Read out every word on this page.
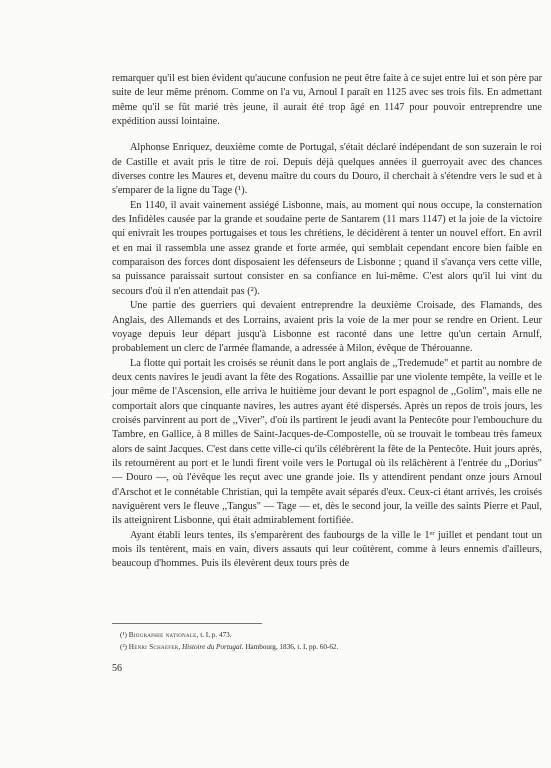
remarquer qu'il est bien évident qu'aucune confusion ne peut être faite à ce sujet entre lui et son père par suite de leur même prénom. Comme on l'a vu, Arnoul I paraît en 1125 avec ses trois fils. En admettant même qu'il se fût marié très jeune, il aurait été trop âgé en 1147 pour pouvoir entreprendre une expédition aussi lointaine.

Alphonse Enriquez, deuxième comte de Portugal, s'était déclaré indépendant de son suzerain le roi de Castille et avait pris le titre de roi. Depuis déjà quelques années il guerroyait avec des chances diverses contre les Maures et, devenu maître du cours du Douro, il cherchait à s'étendre vers le sud et à s'emparer de la ligne du Tage (¹).

En 1140, il avait vainement assiégé Lisbonne, mais, au moment qui nous occupe, la consternation des Infidèles causée par la grande et soudaine perte de Santarem (11 mars 1147) et la joie de la victoire qui enivrait les troupes portugaises et tous les chrétiens, le décidèrent à tenter un nouvel effort. En avril et en mai il rassembla une assez grande et forte armée, qui semblait cependant encore bien faible en comparaison des forces dont disposaient les défenseurs de Lisbonne ; quand il s'avança vers cette ville, sa puissance paraissait surtout consister en sa confiance en lui-même. C'est alors qu'il lui vint du secours d'où il n'en attendait pas (²).

Une partie des guerriers qui devaient entreprendre la deuxième Croisade, des Flamands, des Anglais, des Allemands et des Lorrains, avaient pris la voie de la mer pour se rendre en Orient. Leur voyage depuis leur départ jusqu'à Lisbonne est raconté dans une lettre qu'un certain Arnulf, probablement un clerc de l'armée flamande, a adressée à Milon, évêque de Thérouanne.

La flotte qui portait les croisés se réunit dans le port anglais de ,,Tredemude" et partit au nombre de deux cents navires le jeudi avant la fête des Rogations. Assaillie par une violente tempête, la veille et le jour même de l'Ascension, elle arriva le huitième jour devant le port espagnol de ,,Golim", mais elle ne comportait alors que cinquante navires, les autres ayant été dispersés. Après un repos de trois jours, les croisés parvinrent au port de ,,Viver", d'où ils partirent le jeudi avant la Pentecôte pour l'embouchure du Tambre, en Gallice, à 8 milles de Saint-Jacques-de-Compostelle, où se trouvait le tombeau très fameux alors de saint Jacques. C'est dans cette ville-ci qu'ils célébrèrent la fête de la Pentecôte. Huit jours après, ils retournèrent au port et le lundi firent voile vers le Portugal où ils relâchèrent à l'entrée du ,,Dorius" — Douro —, où l'évêque les reçut avec une grande joie. Ils y attendirent pendant onze jours Arnoul d'Arschot et le connétable Christian, qui la tempête avait séparés d'eux. Ceux-ci étant arrivés, les croisés naviguèrent vers le fleuve ,,Tangus" — Tage — et, dès le second jour, la veille des saints Pierre et Paul, ils atteignirent Lisbonne, qui était admirablement fortifiée.

Ayant établi leurs tentes, ils s'emparèrent des faubourgs de la ville le 1ᵉʳ juillet et pendant tout un mois ils tentèrent, mais en vain, divers assauts qui leur coûtèrent, comme à leurs ennemis d'ailleurs, beaucoup d'hommes. Puis ils élevèrent deux tours près de

(¹) Biographie nationale, t. I, p. 473.
(²) Henri Schaefer, Histoire du Portugal. Hambourg, 1836, t. I, pp. 60-62.
56
